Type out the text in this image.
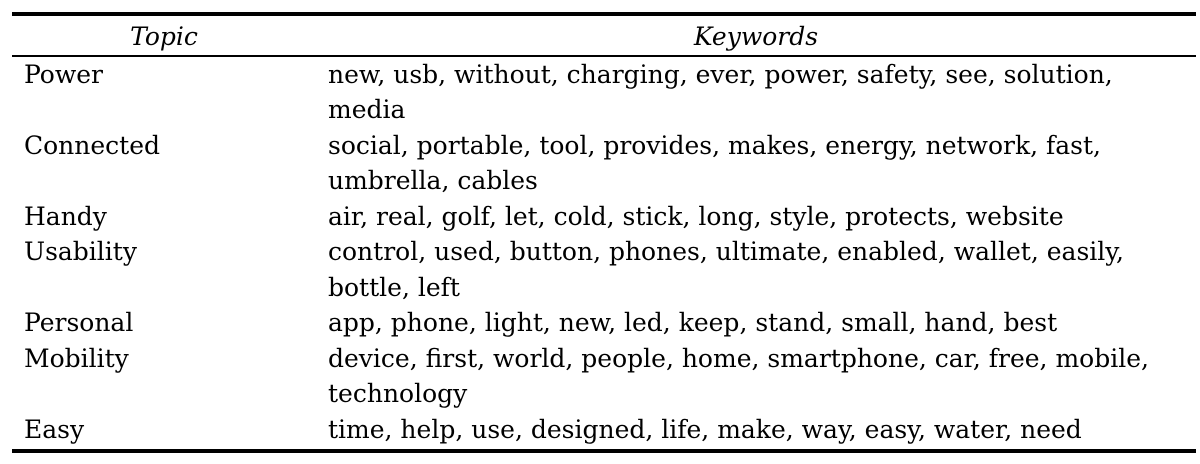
Topic	Keywords
Power	new, usb, without, charging, ever, power, safety, see, solution, media
Connected	social, portable, tool, provides, makes, energy, network, fast, umbrella, cables
Handy	air, real, golf, let, cold, stick, long, style, protects, website
Usability	control, used, button, phones, ultimate, enabled, wallet, easily, bottle, left
Personal	app, phone, light, new, led, keep, stand, small, hand, best
Mobility	device, first, world, people, home, smartphone, car, free, mobile, technology
Easy	time, help, use, designed, life, make, way, easy, water, need
